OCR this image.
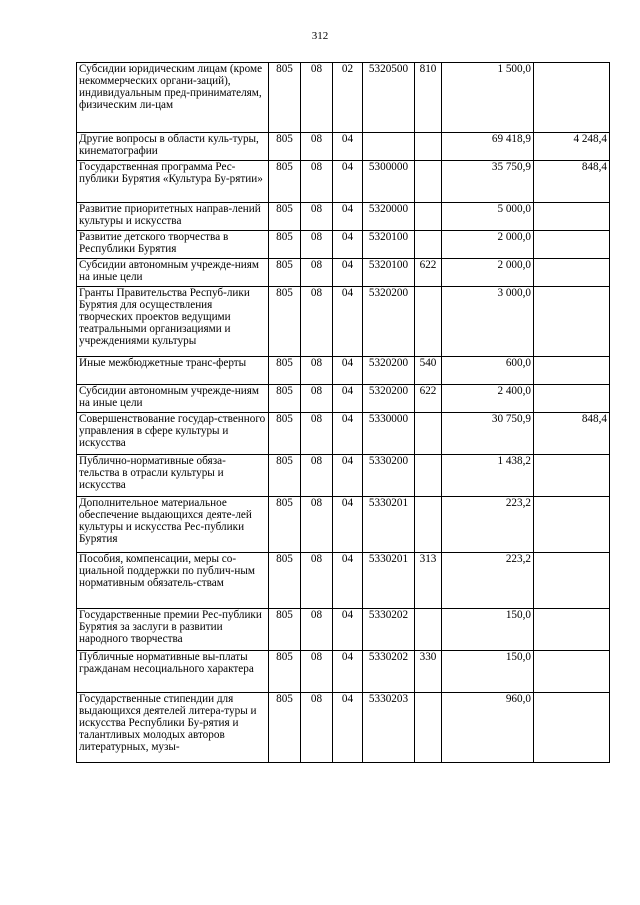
312
Субсидии юридическим лицам (кроме некоммерческих органи-заций), индивидуальным пред-принимателям, физическим ли-цам	805	08	02	5320500	810	1 500,0	
Другие вопросы в области куль-туры, кинематографии	805	08	04			69 418,9	4 248,4
Государственная программа Рес-публики Бурятия «Культура Бу-рятии»	805	08	04	5300000		35 750,9	848,4
Развитие приоритетных направ-лений культуры и искусства	805	08	04	5320000		5 000,0	
Развитие детского творчества в Республики Бурятия	805	08	04	5320100		2 000,0	
Субсидии автономным учрежде-ниям на иные цели	805	08	04	5320100	622	2 000,0	
Гранты Правительства Респуб-лики Бурятия для осуществления творческих проектов ведущими театральными организациями и учреждениями культуры	805	08	04	5320200		3 000,0	
Иные межбюджетные транс-ферты	805	08	04	5320200	540	600,0	
Субсидии автономным учрежде-ниям на иные цели	805	08	04	5320200	622	2 400,0	
Совершенствование государ-ственного управления в сфере культуры и искусства	805	08	04	5330000		30 750,9	848,4
Публично-нормативные обяза-тельства в отрасли культуры и искусства	805	08	04	5330200		1 438,2	
Дополнительное материальное обеспечение выдающихся деяте-лей культуры и искусства Рес-публики Бурятия	805	08	04	5330201		223,2	
Пособия, компенсации, меры со-циальной поддержки по публич-ным нормативным обязатель-ствам	805	08	04	5330201	313	223,2	
Государственные премии Рес-публики Бурятия за заслуги в развитии народного творчества	805	08	04	5330202		150,0	
Публичные нормативные вы-платы гражданам несоциального характера	805	08	04	5330202	330	150,0	
Государственные стипендии для выдающихся деятелей литера-туры и искусства Республики Бу-рятия и талантливых молодых авторов литературных, музы-	805	08	04	5330203		960,0	
